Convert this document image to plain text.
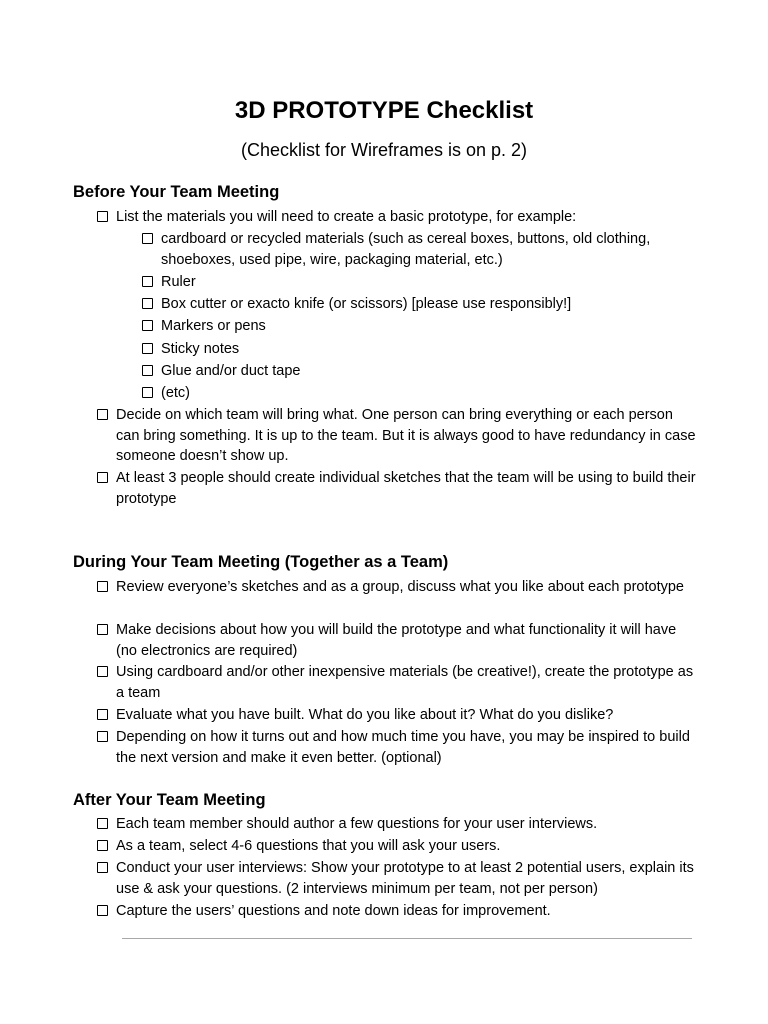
3D PROTOTYPE Checklist

(Checklist for Wireframes is on p. 2)

Before Your Team Meeting
List the materials you will need to create a basic prototype, for example:
cardboard or recycled materials (such as cereal boxes, buttons, old clothing, shoeboxes, used pipe, wire, packaging material, etc.)
Ruler
Box cutter or exacto knife (or scissors) [please use responsibly!]
Markers or pens
Sticky notes
Glue and/or duct tape
(etc)
Decide on which team will bring what. One person can bring everything or each person can bring something. It is up to the team. But it is always good to have redundancy in case someone doesn’t show up.
At least 3 people should create individual sketches that the team will be using to build their prototype
During Your Team Meeting (Together as a Team)
Review everyone’s sketches and as a group, discuss what you like about each prototype
Make decisions about how you will build the prototype and what functionality it will have (no electronics are required)
Using cardboard and/or other inexpensive materials (be creative!), create the prototype as a team
Evaluate what you have built. What do you like about it? What do you dislike?
Depending on how it turns out and how much time you have, you may be inspired to build the next version and make it even better. (optional)
After Your Team Meeting
Each team member should author a few questions for your user interviews.
As a team, select 4-6 questions that you will ask your users.
Conduct your user interviews: Show your prototype to at least 2 potential users, explain its use & ask your questions. (2 interviews minimum per team, not per person)
Capture the users’ questions and note down ideas for improvement.
